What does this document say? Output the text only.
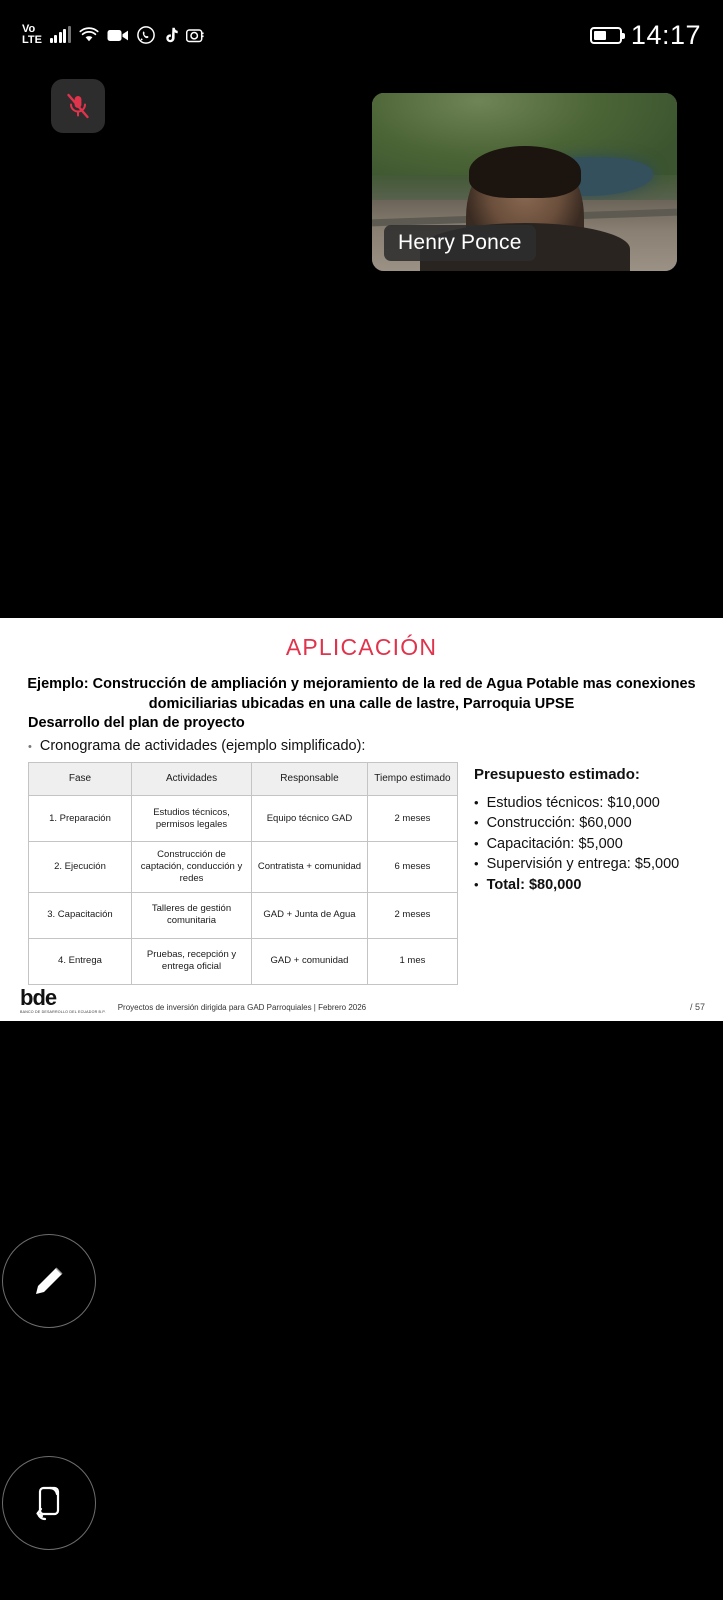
Vo
LTE	14:17
Henry Ponce
APLICACIÓN
Ejemplo: Construcción de ampliación y mejoramiento de la red de Agua Potable mas conexiones domiciliarias ubicadas en una calle de lastre, Parroquia UPSE
Desarrollo del plan de proyecto
• Cronograma de actividades (ejemplo simplificado):
Fase	Actividades	Responsable	Tiempo estimado
1. Preparación	Estudios técnicos, permisos legales	Equipo técnico GAD	2 meses
2. Ejecución	Construcción de captación, conducción y redes	Contratista + comunidad	6 meses
3. Capacitación	Talleres de gestión comunitaria	GAD + Junta de Agua	2 meses
4. Entrega	Pruebas, recepción y entrega oficial	GAD + comunidad	1 mes
Presupuesto estimado:
• Estudios técnicos: $10,000
• Construcción: $60,000
• Capacitación: $5,000
• Supervisión y entrega: $5,000
• Total: $80,000
bde
BANCO DE DESARROLLO DEL ECUADOR B.P.
Proyectos de inversión dirigida para GAD Parroquiales | Febrero 2026	/ 57
